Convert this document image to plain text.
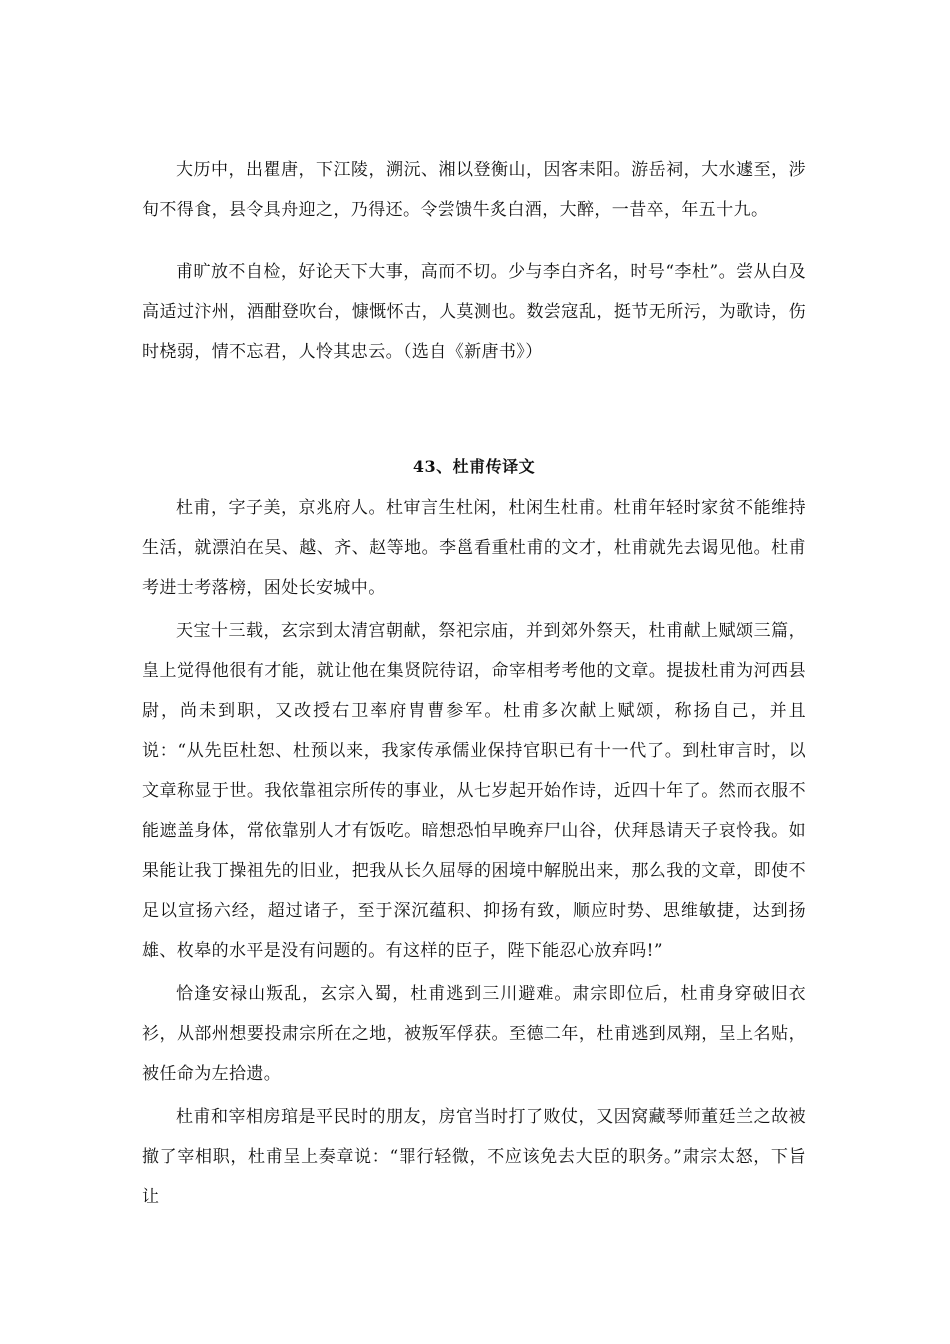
大历中，出瞿唐，下江陵，溯沅、湘以登衡山，因客耒阳。游岳祠，大水遽至，涉旬不得食，县令具舟迎之，乃得还。令尝馈牛炙白酒，大醉，一昔卒，年五十九。

甫旷放不自检，好论天下大事，高而不切。少与李白齐名，时号“李杜”。尝从白及高适过汴州，酒酣登吹台，慷慨怀古，人莫测也。数尝寇乱，挺节无所污，为歌诗，伤时桡弱，情不忘君，人怜其忠云。（选自《新唐书》）

43、杜甫传译文

杜甫，字子美，京兆府人。杜审言生杜闲，杜闲生杜甫。杜甫年轻时家贫不能维持生活，就漂泊在吴、越、齐、赵等地。李邕看重杜甫的文才，杜甫就先去谒见他。杜甫考进士考落榜，困处长安城中。

天宝十三载，玄宗到太清宫朝献，祭祀宗庙，并到郊外祭天，杜甫献上赋颂三篇，皇上觉得他很有才能，就让他在集贤院待诏，命宰相考考他的文章。提拔杜甫为河西县尉，尚未到职，又改授右卫率府胄曹参军。杜甫多次献上赋颂，称扬自己，并且说：“从先臣杜恕、杜预以来，我家传承儒业保持官职已有十一代了。到杜审言时，以文章称显于世。我依靠祖宗所传的事业，从七岁起开始作诗，近四十年了。然而衣服不能遮盖身体，常依靠别人才有饭吃。暗想恐怕早晚弃尸山谷，伏拜恳请天子哀怜我。如果能让我丁操祖先的旧业，把我从长久屈辱的困境中解脱出来，那么我的文章，即使不足以宣扬六经，超过诸子，至于深沉蕴积、抑扬有致，顺应时势、思维敏捷，达到扬雄、枚皋的水平是没有问题的。有这样的臣子，陛下能忍心放弃吗!”

恰逢安禄山叛乱，玄宗入蜀，杜甫逃到三川避难。肃宗即位后，杜甫身穿破旧衣衫，从部州想要投肃宗所在之地，被叛军俘获。至德二年，杜甫逃到凤翔，呈上名贴，被任命为左拾遗。

杜甫和宰相房琯是平民时的朋友，房官当时打了败仗，又因窝藏琴师董廷兰之故被撤了宰相职，杜甫呈上奏章说：“罪行轻微，不应该免去大臣的职务。”肃宗太怒，下旨让
